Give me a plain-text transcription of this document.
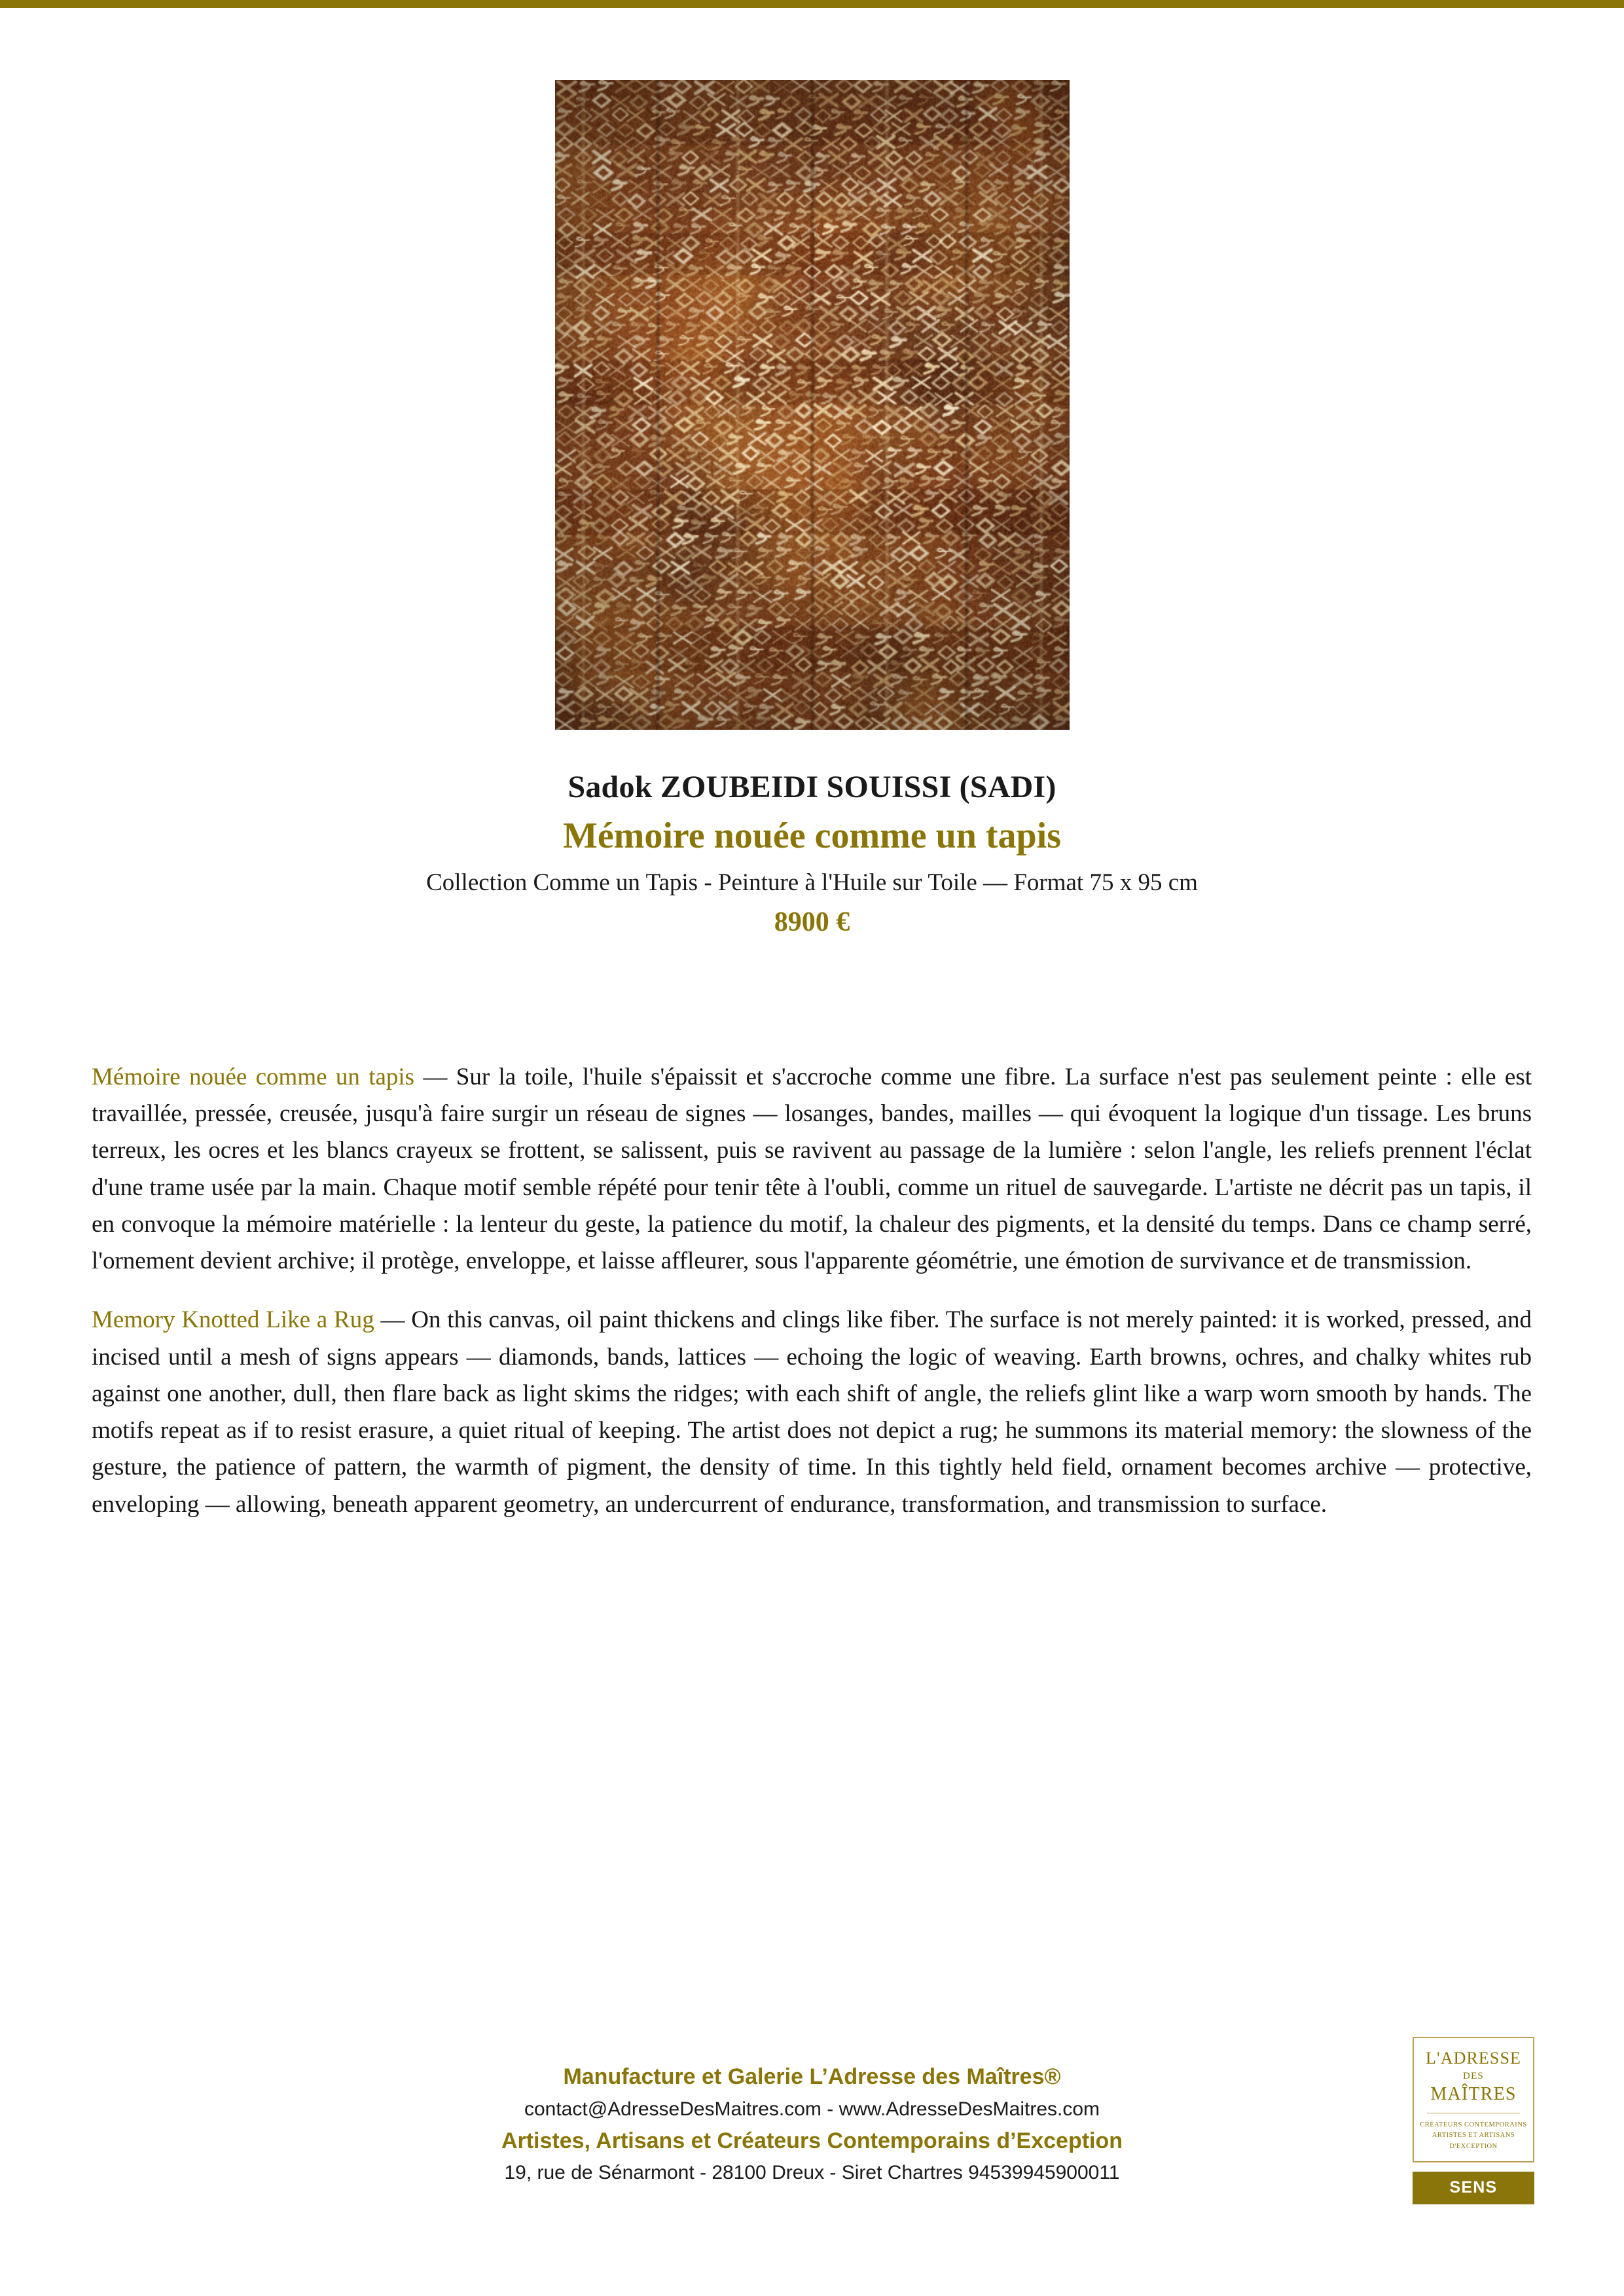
Sadok ZOUBEIDI SOUISSI (SADI)
Mémoire nouée comme un tapis
Collection Comme un Tapis - Peinture à l'Huile sur Toile — Format 75 x 95 cm
8900 €

Mémoire nouée comme un tapis — Sur la toile, l'huile s'épaissit et s'accroche comme une fibre. La surface n'est pas seulement peinte : elle est travaillée, pressée, creusée, jusqu'à faire surgir un réseau de signes — losanges, bandes, mailles — qui évoquent la logique d'un tissage. Les bruns terreux, les ocres et les blancs crayeux se frottent, se salissent, puis se ravivent au passage de la lumière : selon l'angle, les reliefs prennent l'éclat d'une trame usée par la main. Chaque motif semble répété pour tenir tête à l'oubli, comme un rituel de sauvegarde. L'artiste ne décrit pas un tapis, il en convoque la mémoire matérielle : la lenteur du geste, la patience du motif, la chaleur des pigments, et la densité du temps. Dans ce champ serré, l'ornement devient archive; il protège, enveloppe, et laisse affleurer, sous l'apparente géométrie, une émotion de survivance et de transmission.

Memory Knotted Like a Rug — On this canvas, oil paint thickens and clings like fiber. The surface is not merely painted: it is worked, pressed, and incised until a mesh of signs appears — diamonds, bands, lattices — echoing the logic of weaving. Earth browns, ochres, and chalky whites rub against one another, dull, then flare back as light skims the ridges; with each shift of angle, the reliefs glint like a warp worn smooth by hands. The motifs repeat as if to resist erasure, a quiet ritual of keeping. The artist does not depict a rug; he summons its material memory: the slowness of the gesture, the patience of pattern, the warmth of pigment, the density of time. In this tightly held field, ornament becomes archive — protective, enveloping — allowing, beneath apparent geometry, an undercurrent of endurance, transformation, and transmission to surface.

Manufacture et Galerie L’Adresse des Maîtres®
contact@AdresseDesMaitres.com - www.AdresseDesMaitres.com
Artistes, Artisans et Créateurs Contemporains d’Exception
19, rue de Sénarmont - 28100 Dreux - Siret Chartres 94539945900011
L'ADRESSE
DES
MAÎTRES
CRÉATEURS CONTEMPORAINS
ARTISTES ET ARTISANS
D'EXCEPTION
SENS
